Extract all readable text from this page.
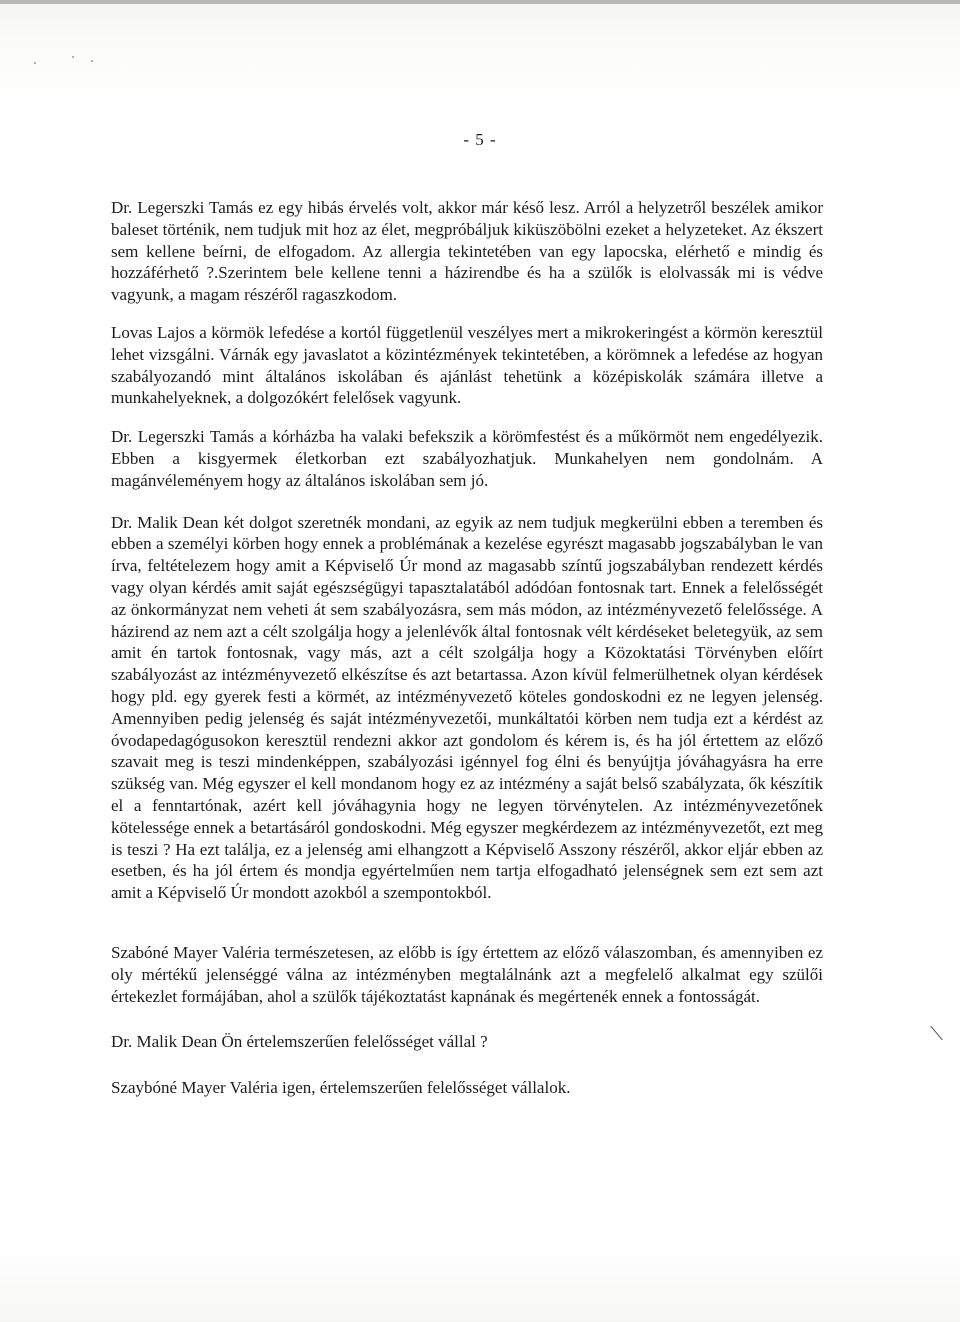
- 5 -

Dr. Legerszki Tamás ez egy hibás érvelés volt, akkor már késő lesz. Arról a helyzetről beszélek amikor baleset történik, nem tudjuk mit hoz az élet, megpróbáljuk kiküszöbölni ezeket a helyzeteket. Az ékszert sem kellene beírni, de elfogadom. Az allergia tekintetében van egy lapocska, elérhető e mindig és hozzáférhető ?.Szerintem bele kellene tenni a házirendbe és ha a szülők is elolvassák mi is védve vagyunk, a magam részéről ragaszkodom.

Lovas Lajos a körmök lefedése a kortól függetlenül veszélyes mert a mikrokeringést a körmön keresztül lehet vizsgálni. Várnák egy javaslatot a közintézmények tekintetében, a körömnek a lefedése az hogyan szabályozandó mint általános iskolában és ajánlást tehetünk a középiskolák számára illetve a munkahelyeknek, a dolgozókért felelősek vagyunk.

Dr. Legerszki Tamás a kórházba ha valaki befekszik a körömfestést és a műkörmöt nem engedélyezik. Ebben a kisgyermek életkorban ezt szabályozhatjuk. Munkahelyen nem gondolnám. A magánvéleményem hogy az általános iskolában sem jó.

Dr. Malik Dean két dolgot szeretnék mondani, az egyik az nem tudjuk megkerülni ebben a teremben és ebben a személyi körben hogy ennek a problémának a kezelése egyrészt magasabb jogszabályban le van írva, feltételezem hogy amit a Képviselő Úr mond az magasabb színtű jogszabályban rendezett kérdés vagy olyan kérdés amit saját egészségügyi tapasztalatából adódóan fontosnak tart. Ennek a felelősségét az önkormányzat nem veheti át sem szabályozásra, sem más módon, az intézményvezető felelőssége. A házirend az nem azt a célt szolgálja hogy a jelenlévők által fontosnak vélt kérdéseket beletegyük, az sem amit én tartok fontosnak, vagy más, azt a célt szolgálja hogy a Közoktatási Törvényben előírt szabályozást az intézményvezető elkészítse és azt betartassa. Azon kívül felmerülhetnek olyan kérdések hogy pld. egy gyerek festi a körmét, az intézményvezető köteles gondoskodni ez ne legyen jelenség. Amennyiben pedig jelenség és saját intézményvezetői, munkáltatói körben nem tudja ezt a kérdést az óvodapedagógusokon keresztül rendezni akkor azt gondolom és kérem is, és ha jól értettem az előző szavait meg is teszi mindenképpen, szabályozási igénnyel fog élni és benyújtja jóváhagyásra ha erre szükség van. Még egyszer el kell mondanom hogy ez az intézmény a saját belső szabályzata, ők készítik el a fenntartónak, azért kell jóváhagynia hogy ne legyen törvénytelen. Az intézményvezetőnek kötelessége ennek a betartásáról gondoskodni. Még egyszer megkérdezem az intézményvezetőt, ezt meg is teszi ? Ha ezt találja, ez a jelenség ami elhangzott a Képviselő Asszony részéről, akkor eljár ebben az esetben, és ha jól értem és mondja egyértelműen nem tartja elfogadható jelenségnek sem ezt sem azt amit a Képviselő Úr mondott azokból a szempontokból.

Szabóné Mayer Valéria természetesen, az előbb is így értettem az előző válaszomban, és amennyiben ez oly mértékű jelenséggé válna az intézményben megtalálnánk azt a megfelelő alkalmat egy szülői értekezlet formájában, ahol a szülők tájékoztatást kapnának és megértenék ennek a fontosságát.

Dr. Malik Dean Ön értelemszerűen felelősséget vállal ?

Szaybóné Mayer Valéria igen, értelemszerűen felelősséget vállalok.
